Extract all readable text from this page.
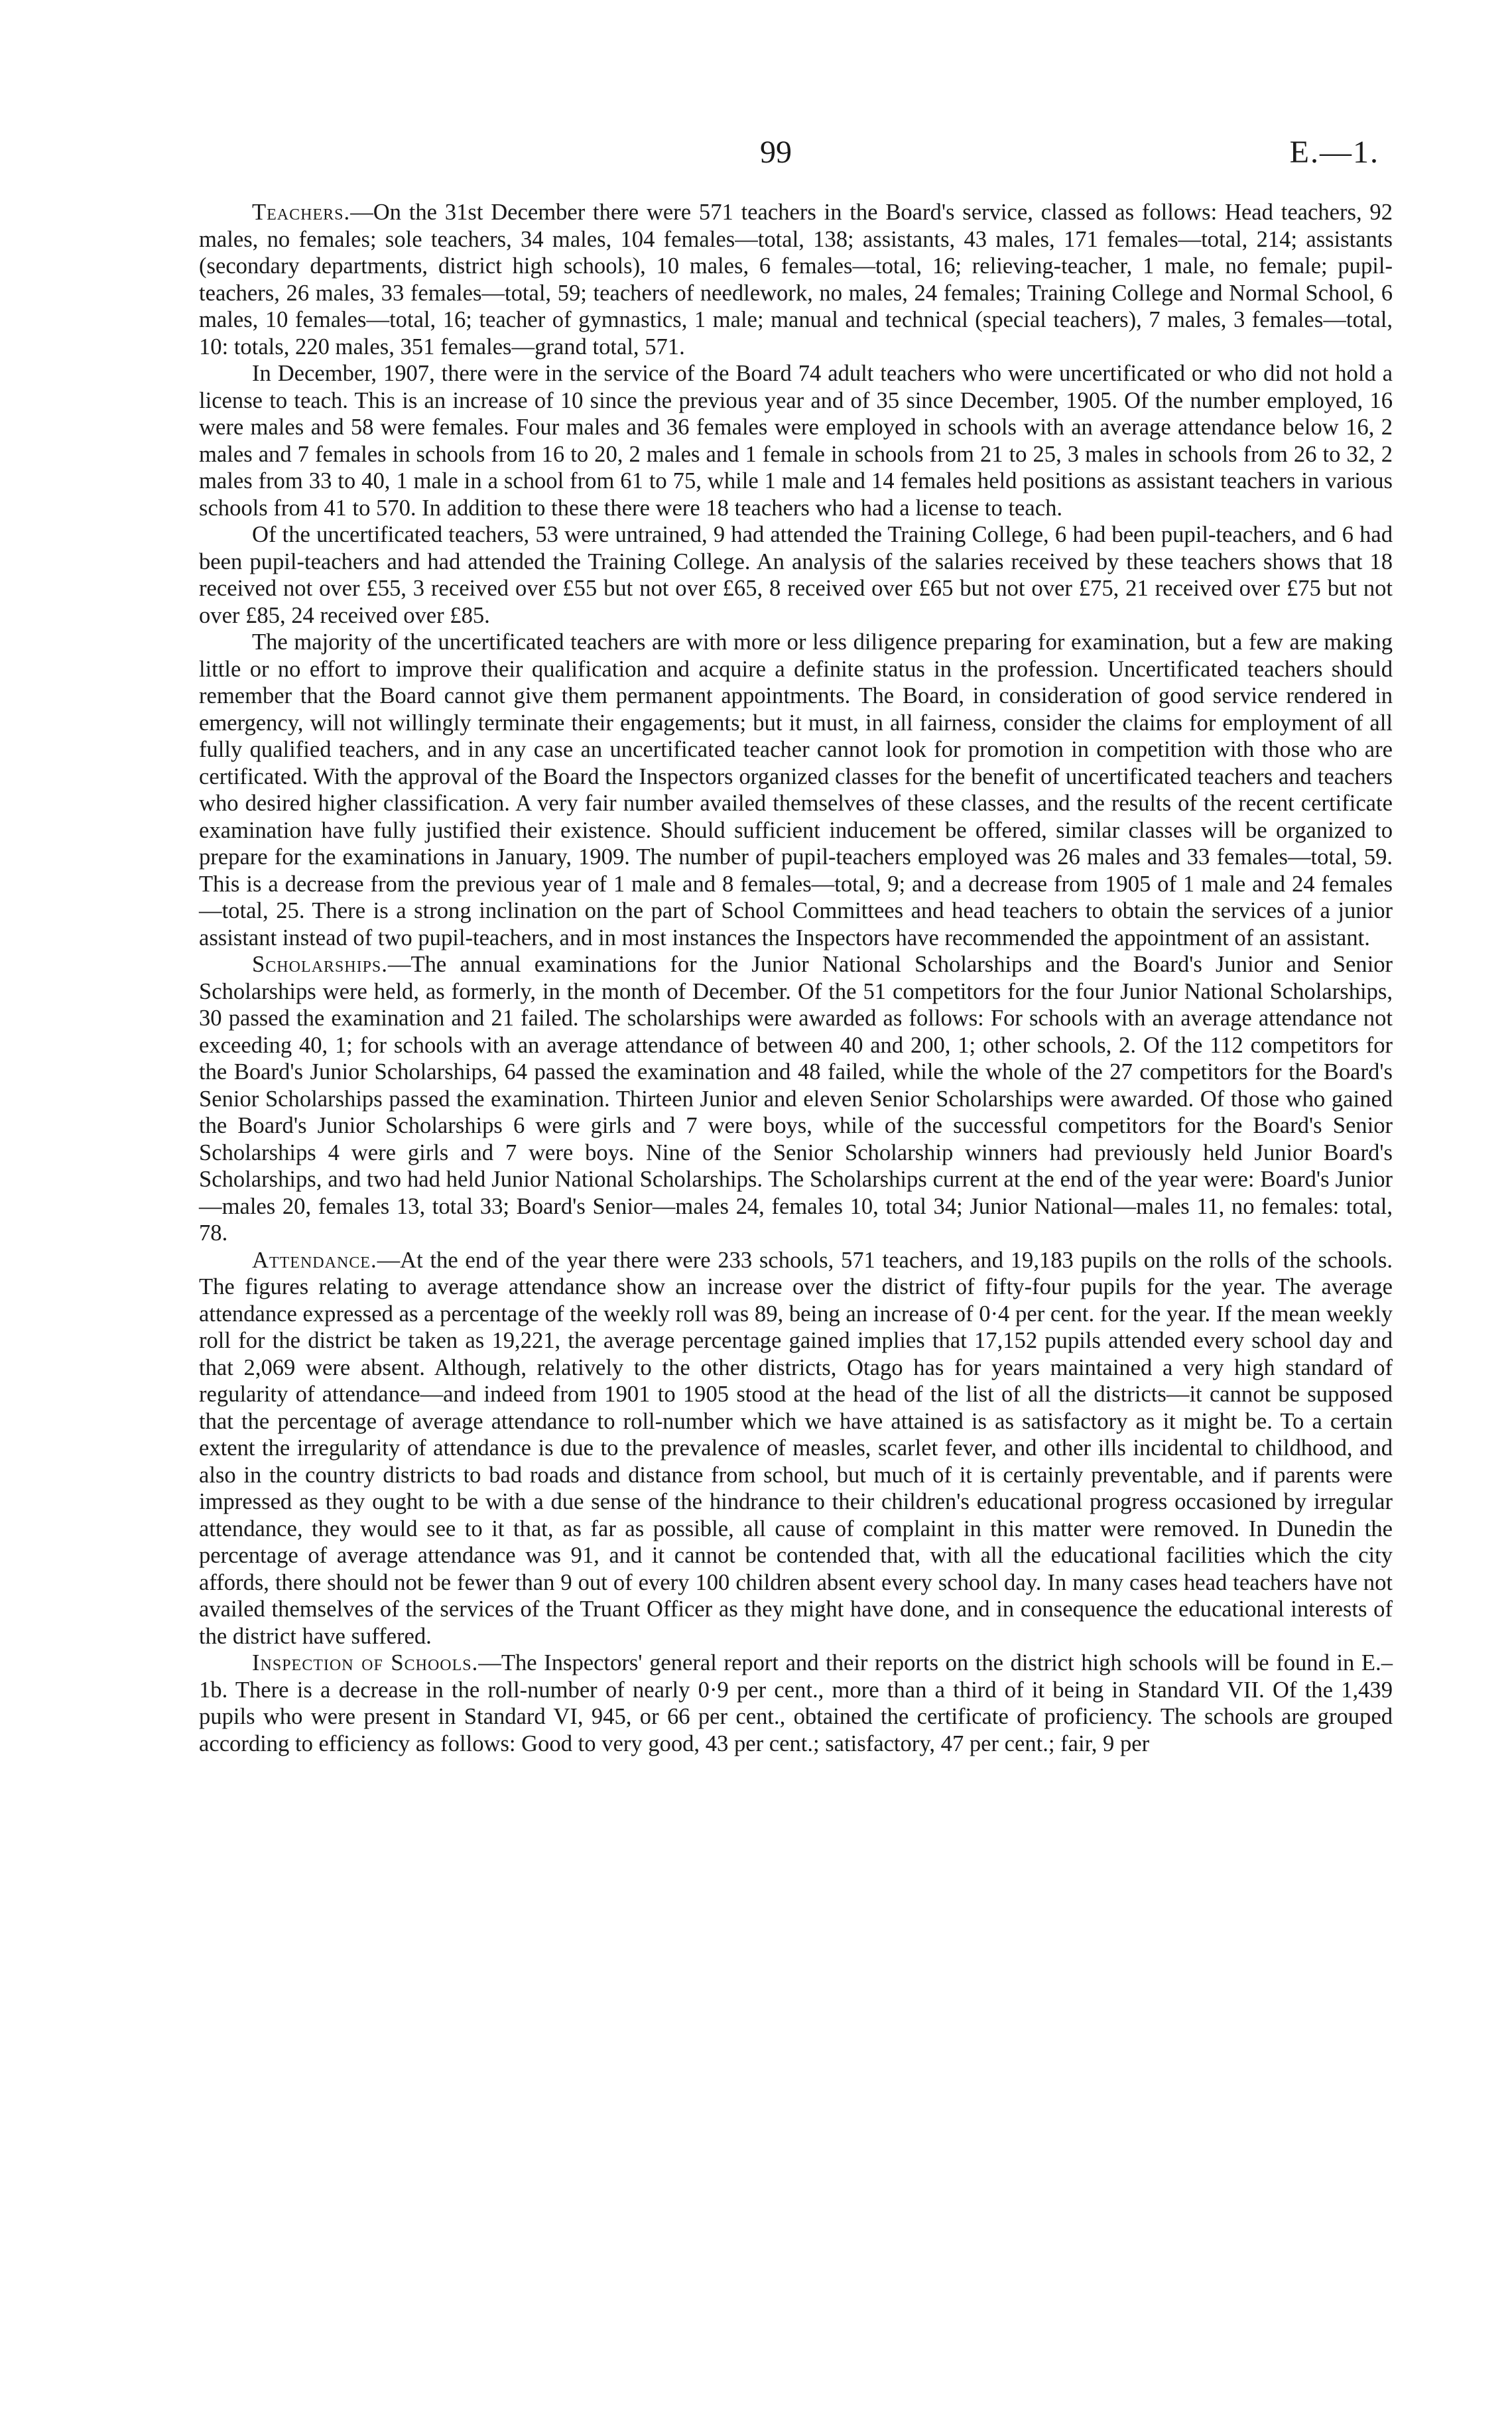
99	E.—1.

Teachers.—On the 31st December there were 571 teachers in the Board's service, classed as follows: Head teachers, 92 males, no females; sole teachers, 34 males, 104 females—total, 138; assistants, 43 males, 171 females—total, 214; assistants (secondary departments, district high schools), 10 males, 6 females—total, 16; relieving-teacher, 1 male, no female; pupil-teachers, 26 males, 33 females—total, 59; teachers of needlework, no males, 24 females; Training College and Normal School, 6 males, 10 females—total, 16; teacher of gymnastics, 1 male; manual and technical (special teachers), 7 males, 3 females—total, 10: totals, 220 males, 351 females—grand total, 571.

In December, 1907, there were in the service of the Board 74 adult teachers who were uncertificated or who did not hold a license to teach. This is an increase of 10 since the previous year and of 35 since December, 1905. Of the number employed, 16 were males and 58 were females. Four males and 36 females were employed in schools with an average attendance below 16, 2 males and 7 females in schools from 16 to 20, 2 males and 1 female in schools from 21 to 25, 3 males in schools from 26 to 32, 2 males from 33 to 40, 1 male in a school from 61 to 75, while 1 male and 14 females held positions as assistant teachers in various schools from 41 to 570. In addition to these there were 18 teachers who had a license to teach.

Of the uncertificated teachers, 53 were untrained, 9 had attended the Training College, 6 had been pupil-teachers, and 6 had been pupil-teachers and had attended the Training College. An analysis of the salaries received by these teachers shows that 18 received not over £55, 3 received over £55 but not over £65, 8 received over £65 but not over £75, 21 received over £75 but not over £85, 24 received over £85.

The majority of the uncertificated teachers are with more or less diligence preparing for examination, but a few are making little or no effort to improve their qualification and acquire a definite status in the profession. Uncertificated teachers should remember that the Board cannot give them permanent appointments. The Board, in consideration of good service rendered in emergency, will not willingly terminate their engagements; but it must, in all fairness, consider the claims for employment of all fully qualified teachers, and in any case an uncertificated teacher cannot look for promotion in competition with those who are certificated. With the approval of the Board the Inspectors organized classes for the benefit of uncertificated teachers and teachers who desired higher classification. A very fair number availed themselves of these classes, and the results of the recent certificate examination have fully justified their existence. Should sufficient inducement be offered, similar classes will be organized to prepare for the examinations in January, 1909. The number of pupil-teachers employed was 26 males and 33 females—total, 59. This is a decrease from the previous year of 1 male and 8 females—total, 9; and a decrease from 1905 of 1 male and 24 females—total, 25. There is a strong inclination on the part of School Committees and head teachers to obtain the services of a junior assistant instead of two pupil-teachers, and in most instances the Inspectors have recommended the appointment of an assistant.

Scholarships.—The annual examinations for the Junior National Scholarships and the Board's Junior and Senior Scholarships were held, as formerly, in the month of December. Of the 51 competitors for the four Junior National Scholarships, 30 passed the examination and 21 failed. The scholarships were awarded as follows: For schools with an average attendance not exceeding 40, 1; for schools with an average attendance of between 40 and 200, 1; other schools, 2. Of the 112 competitors for the Board's Junior Scholarships, 64 passed the examination and 48 failed, while the whole of the 27 competitors for the Board's Senior Scholarships passed the examination. Thirteen Junior and eleven Senior Scholarships were awarded. Of those who gained the Board's Junior Scholarships 6 were girls and 7 were boys, while of the successful competitors for the Board's Senior Scholarships 4 were girls and 7 were boys. Nine of the Senior Scholarship winners had previously held Junior Board's Scholarships, and two had held Junior National Scholarships. The Scholarships current at the end of the year were: Board's Junior—males 20, females 13, total 33; Board's Senior—males 24, females 10, total 34; Junior National—males 11, no females: total, 78.

Attendance.—At the end of the year there were 233 schools, 571 teachers, and 19,183 pupils on the rolls of the schools. The figures relating to average attendance show an increase over the district of fifty-four pupils for the year. The average attendance expressed as a percentage of the weekly roll was 89, being an increase of 0·4 per cent. for the year. If the mean weekly roll for the district be taken as 19,221, the average percentage gained implies that 17,152 pupils attended every school day and that 2,069 were absent. Although, relatively to the other districts, Otago has for years maintained a very high standard of regularity of attendance—and indeed from 1901 to 1905 stood at the head of the list of all the districts—it cannot be supposed that the percentage of average attendance to roll-number which we have attained is as satisfactory as it might be. To a certain extent the irregularity of attendance is due to the prevalence of measles, scarlet fever, and other ills incidental to childhood, and also in the country districts to bad roads and distance from school, but much of it is certainly preventable, and if parents were impressed as they ought to be with a due sense of the hindrance to their children's educational progress occasioned by irregular attendance, they would see to it that, as far as possible, all cause of complaint in this matter were removed. In Dunedin the percentage of average attendance was 91, and it cannot be contended that, with all the educational facilities which the city affords, there should not be fewer than 9 out of every 100 children absent every school day. In many cases head teachers have not availed themselves of the services of the Truant Officer as they might have done, and in consequence the educational interests of the district have suffered.

Inspection of Schools.—The Inspectors' general report and their reports on the district high schools will be found in E.–1b. There is a decrease in the roll-number of nearly 0·9 per cent., more than a third of it being in Standard VII. Of the 1,439 pupils who were present in Standard VI, 945, or 66 per cent., obtained the certificate of proficiency. The schools are grouped according to efficiency as follows: Good to very good, 43 per cent.; satisfactory, 47 per cent.; fair, 9 per
